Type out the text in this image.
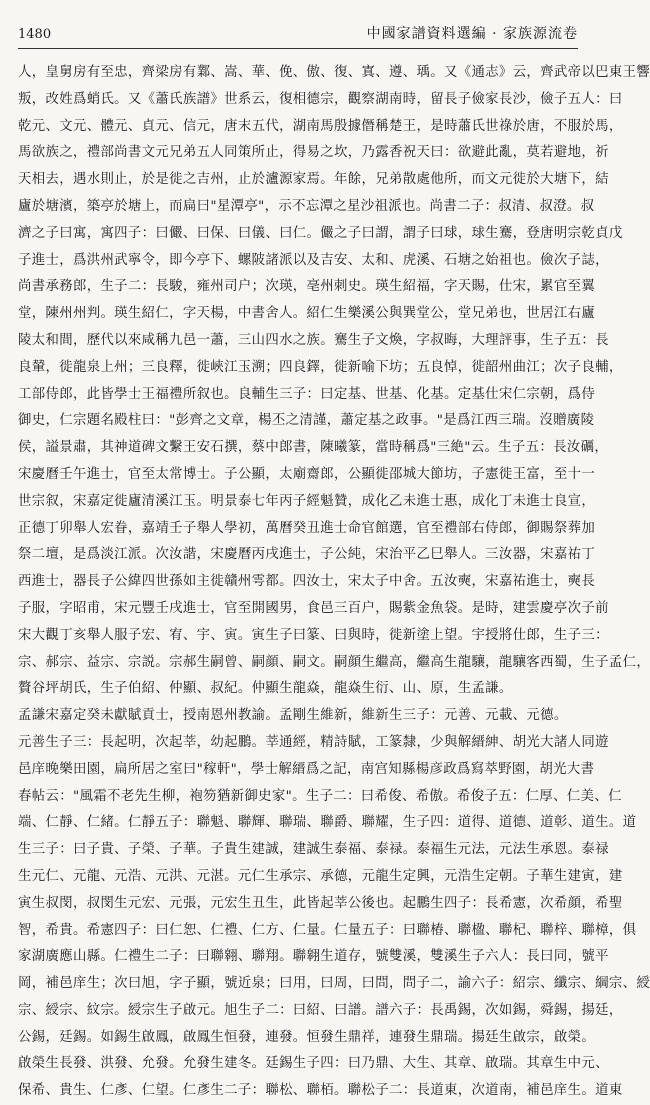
1480	中國家譜資料選編 · 家族源流卷
人，皇舅房有至忠，齊梁房有鄴、嵩、華、俛、傲、復、寘、遵、瑀。又《通志》云，齊武帝以巴東王響
叛，改姓爲蛸氏。又《蕭氏族譜》世系云，復相德宗，觀察湖南時，留長子儉家長沙，儉子五人：曰
乾元、文元、體元、貞元、信元，唐末五代，湖南馬殷據僭稱楚王，是時蕭氏世祿於唐，不服於馬，
馬欲族之，禮部尚書文元兄弟五人同策所止，得易之坎，乃露香祝天曰：欲避此亂，莫若避地，祈
天相去，遇水則止，於是徙之吉州，止於瀘源家焉。年餘，兄弟散處他所，而文元徙於大塘下，結
廬於塘濱，築亭於塘上，而扁曰"星潭亭"，示不忘潭之星沙祖派也。尚書二子：叔清、叔澄。叔
濟之子曰寓，寓四子：曰儼、曰保、曰儀、曰仁。儼之子曰謂，謂子曰球，球生騫，登唐明宗乾貞戊
子進士，爲洪州武寧令，即今亭下、螺陂諸派以及吉安、太和、虎溪、石塘之始祖也。儉次子誌，
尚書承務郎，生子二：長駿，雍州司户；次瑛，亳州刺史。瑛生紹福，字天賜，仕宋，累官至翼
堂，陳州州判。瑛生紹仁，字天楊，中書舍人。紹仁生樂溪公與巽堂公，堂兄弟也，世居江右廬
陵太和間，歷代以來咸稱九邑一蕭，三山四水之族。騫生子文煥，字叔晦，大理評事，生子五：長
良輦，徙龍泉上州；三良釋，徙峽江玉溯；四良鐸，徙新喻下坊；五良悼，徙韶州曲江；次子良輔，
工部侍郎，此皆學士王福禮所叙也。良輔生三子：曰定基、世基、化基。定基仕宋仁宗朝，爲侍
御史，仁宗題名殿柱曰："彭齊之文章，楊丕之清謹，蕭定基之政事。"是爲江西三瑞。沒贈廣陵
侯，謚景肅，其神道碑文繫王安石撰，蔡中郎書，陳曦篆，當時稱爲"三絶"云。生子五：長汝礪，
宋慶曆壬午進士，官至太常博士。子公顯，太廟齋郎，公顯徙邵城大節坊，子憲徙王富，至十一
世宗叙，宋嘉定徙廬清溪江玉。明景泰七年丙子經魁贊，成化乙未進士惠，成化丁未進士良宣，
正德丁卯舉人宏眷，嘉靖壬子舉人學初，萬曆癸丑進士命官館選，官至禮部右侍郎，御賜祭葬加
祭二壇，是爲淡江派。次汝諧，宋慶曆丙戌進士，子公純，宋治平乙巳舉人。三汝器，宋嘉祐丁
西進士，器長子公緯四世孫如主徙贛州雩都。四汝士，宋太子中舍。五汝奭，宋嘉祐進士，奭長
子服，字昭甫，宋元豐壬戌進士，官至開國男，食邑三百户，賜紫金魚袋。是時，建雲慶亭次子前
宋大觀丁亥舉人服子宏、宥、宇、寅。寅生子曰篆、曰與時，徙新塗上望。宇授將仕郎，生子三：
宗、郝宗、益宗、宗説。宗郝生嗣曾、嗣顔、嗣文。嗣顔生繼高，繼高生龍驤，龍驤客西蜀，生子孟仁，
贅谷坪胡氏，生子伯紹、仲顯、叔紀。仲顯生龍焱，龍焱生衍、山、原，生孟謙。
孟謙宋嘉定癸未獻賦貢士，授南恩州教諭。孟剛生維新，維新生三子：元善、元載、元德。
元善生子三：長起明，次起莘，幼起鵬。莘通經，精詩賦，工篆隸，少與解縉紳、胡光大諸人同遊
邑庠晚樂田園，扁所居之室曰"稼軒"，學士解縉爲之記，南宫知縣楊彦政爲寫萃野園，胡光大書
春帖云："風霜不老先生柳，袍笏猶新御史家"。生子二：曰希俊、希傲。希俊子五：仁厚、仁美、仁
端、仁靜、仁緒。仁靜五子：聯魁、聯輝、聯瑞、聯爵、聯耀，生子四：道得、道德、道彰、道生。道
生三子：曰子貴、子榮、子華。子貴生建誠，建誠生泰福、泰禄。泰福生元法，元法生承恩。泰禄
生元仁、元龍、元浩、元洪、元湛。元仁生承宗、承德，元龍生定興，元浩生定朝。子華生建寅，建
寅生叔閔，叔閔生元宏、元張，元宏生丑生，此皆起莘公後也。起鵬生四子：長希憲，次希顔，希聖
智，希貴。希憲四子：曰仁恕、仁禮、仁方、仁量。仁量五子：曰聯椿、聯楹、聯杞、聯梓、聯樟，俱
家湖廣應山縣。仁禮生二子：曰聯翱、聯翔。聯翱生道存，號雙溪，雙溪生子六人：長曰同，號平
岡，補邑庠生；次曰旭，字子顯，號近泉；曰用，曰周，曰問，問子二，諭六子：紹宗、纖宗、綱宗、綬
宗、綬宗、紋宗。綬宗生子啟元。旭生子二：曰紹、曰譜。譜六子：長禹錫，次如錫，舜錫，揚廷，
公錫，廷錫。如錫生啟鳳，啟鳳生恒發，連發。恒發生鼎祥，連發生鼎瑞。揚廷生啟宗，啟榮。
啟榮生長發、洪發、允發。允發生建冬。廷錫生子四：曰乃鼎、大生、其章、啟瑞。其章生中元、
保希、貴生、仁彥、仁望。仁彥生二子：聯松、聯栢。聯松子二：長道東，次道南，補邑庠生。道東
